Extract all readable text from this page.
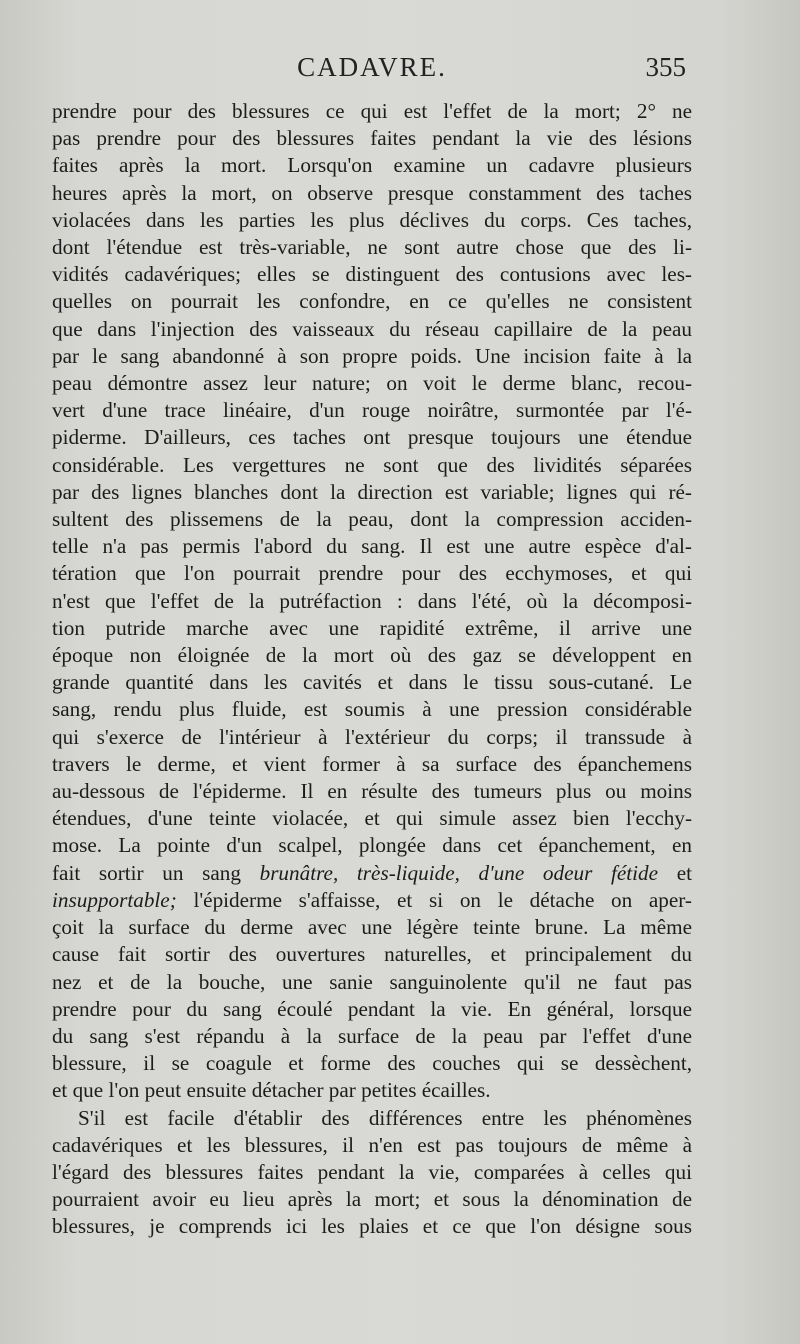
CADAVRE.	355
prendre pour des blessures ce qui est l'effet de la mort; 2° ne
pas prendre pour des blessures faites pendant la vie des lésions
faites après la mort. Lorsqu'on examine un cadavre plusieurs
heures après la mort, on observe presque constamment des taches
violacées dans les parties les plus déclives du corps. Ces taches,
dont l'étendue est très-variable, ne sont autre chose que des li-
vidités cadavériques; elles se distinguent des contusions avec les-
quelles on pourrait les confondre, en ce qu'elles ne consistent
que dans l'injection des vaisseaux du réseau capillaire de la peau
par le sang abandonné à son propre poids. Une incision faite à la
peau démontre assez leur nature; on voit le derme blanc, recou-
vert d'une trace linéaire, d'un rouge noirâtre, surmontée par l'é-
piderme. D'ailleurs, ces taches ont presque toujours une étendue
considérable. Les vergettures ne sont que des lividités séparées
par des lignes blanches dont la direction est variable; lignes qui ré-
sultent des plissemens de la peau, dont la compression acciden-
telle n'a pas permis l'abord du sang. Il est une autre espèce d'al-
tération que l'on pourrait prendre pour des ecchymoses, et qui
n'est que l'effet de la putréfaction : dans l'été, où la décomposi-
tion putride marche avec une rapidité extrême, il arrive une
époque non éloignée de la mort où des gaz se développent en
grande quantité dans les cavités et dans le tissu sous-cutané. Le
sang, rendu plus fluide, est soumis à une pression considérable
qui s'exerce de l'intérieur à l'extérieur du corps; il transsude à
travers le derme, et vient former à sa surface des épanchemens
au-dessous de l'épiderme. Il en résulte des tumeurs plus ou moins
étendues, d'une teinte violacée, et qui simule assez bien l'ecchy-
mose. La pointe d'un scalpel, plongée dans cet épanchement, en
fait sortir un sang brunâtre, très-liquide, d'une odeur fétide et
insupportable; l'épiderme s'affaisse, et si on le détache on aper-
çoit la surface du derme avec une légère teinte brune. La même
cause fait sortir des ouvertures naturelles, et principalement du
nez et de la bouche, une sanie sanguinolente qu'il ne faut pas
prendre pour du sang écoulé pendant la vie. En général, lorsque
du sang s'est répandu à la surface de la peau par l'effet d'une
blessure, il se coagule et forme des couches qui se dessèchent,
et que l'on peut ensuite détacher par petites écailles.
S'il est facile d'établir des différences entre les phénomènes
cadavériques et les blessures, il n'en est pas toujours de même à
l'égard des blessures faites pendant la vie, comparées à celles qui
pourraient avoir eu lieu après la mort; et sous la dénomination de
blessures, je comprends ici les plaies et ce que l'on désigne sous
